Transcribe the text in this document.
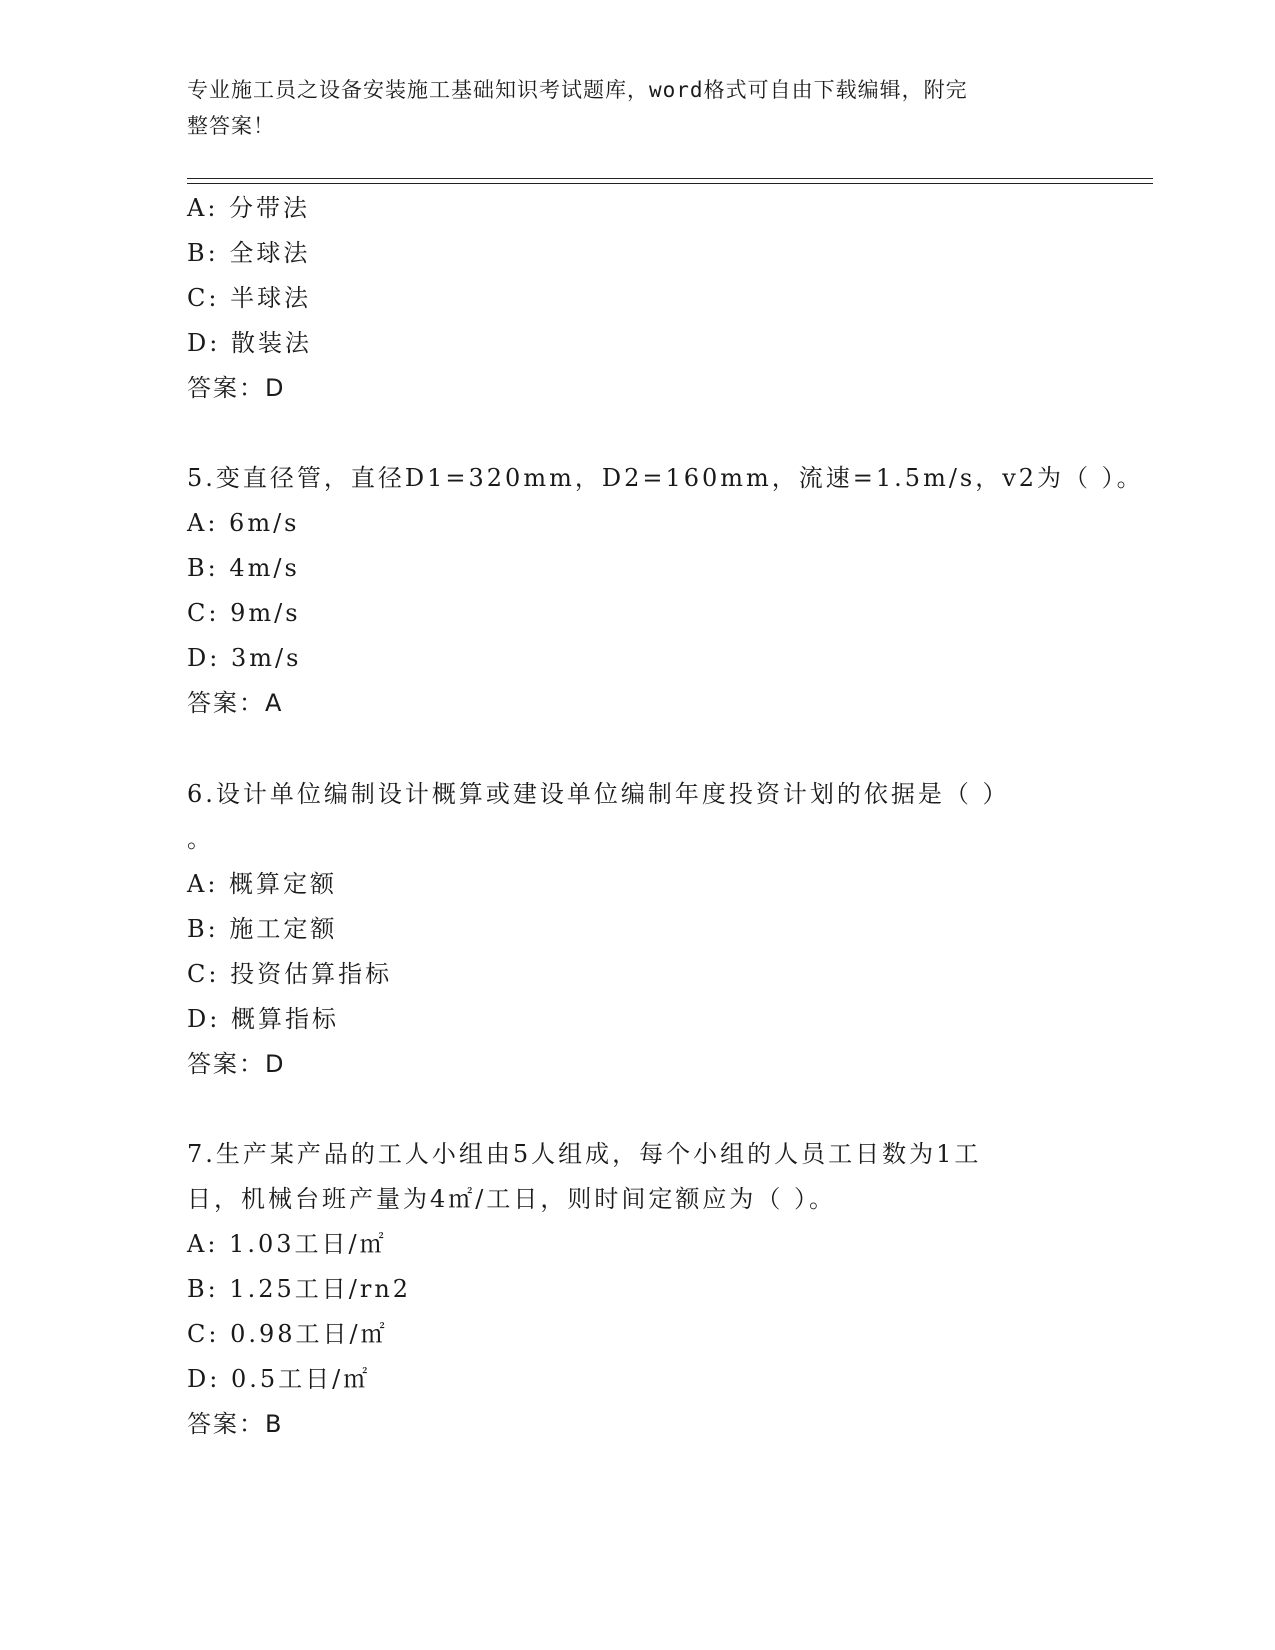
专业施工员之设备安装施工基础知识考试题库，word格式可自由下载编辑，附完
整答案！
A: 分带法
B: 全球法
C: 半球法
D: 散装法
答案：D
5.变直径管，直径D1=320mm，D2=160mm，流速=1.5m/s，v2为（ ）。
A: 6m/s
B: 4m/s
C: 9m/s
D: 3m/s
答案：A
6.设计单位编制设计概算或建设单位编制年度投资计划的依据是（ ）
。
A: 概算定额
B: 施工定额
C: 投资估算指标
D: 概算指标
答案：D
7.生产某产品的工人小组由5人组成，每个小组的人员工日数为1工
日，机械台班产量为4㎡/工日，则时间定额应为（ ）。
A: 1.03工日/㎡
B: 1.25工日/rn2
C: 0.98工日/㎡
D: 0.5工日/㎡
答案：B
